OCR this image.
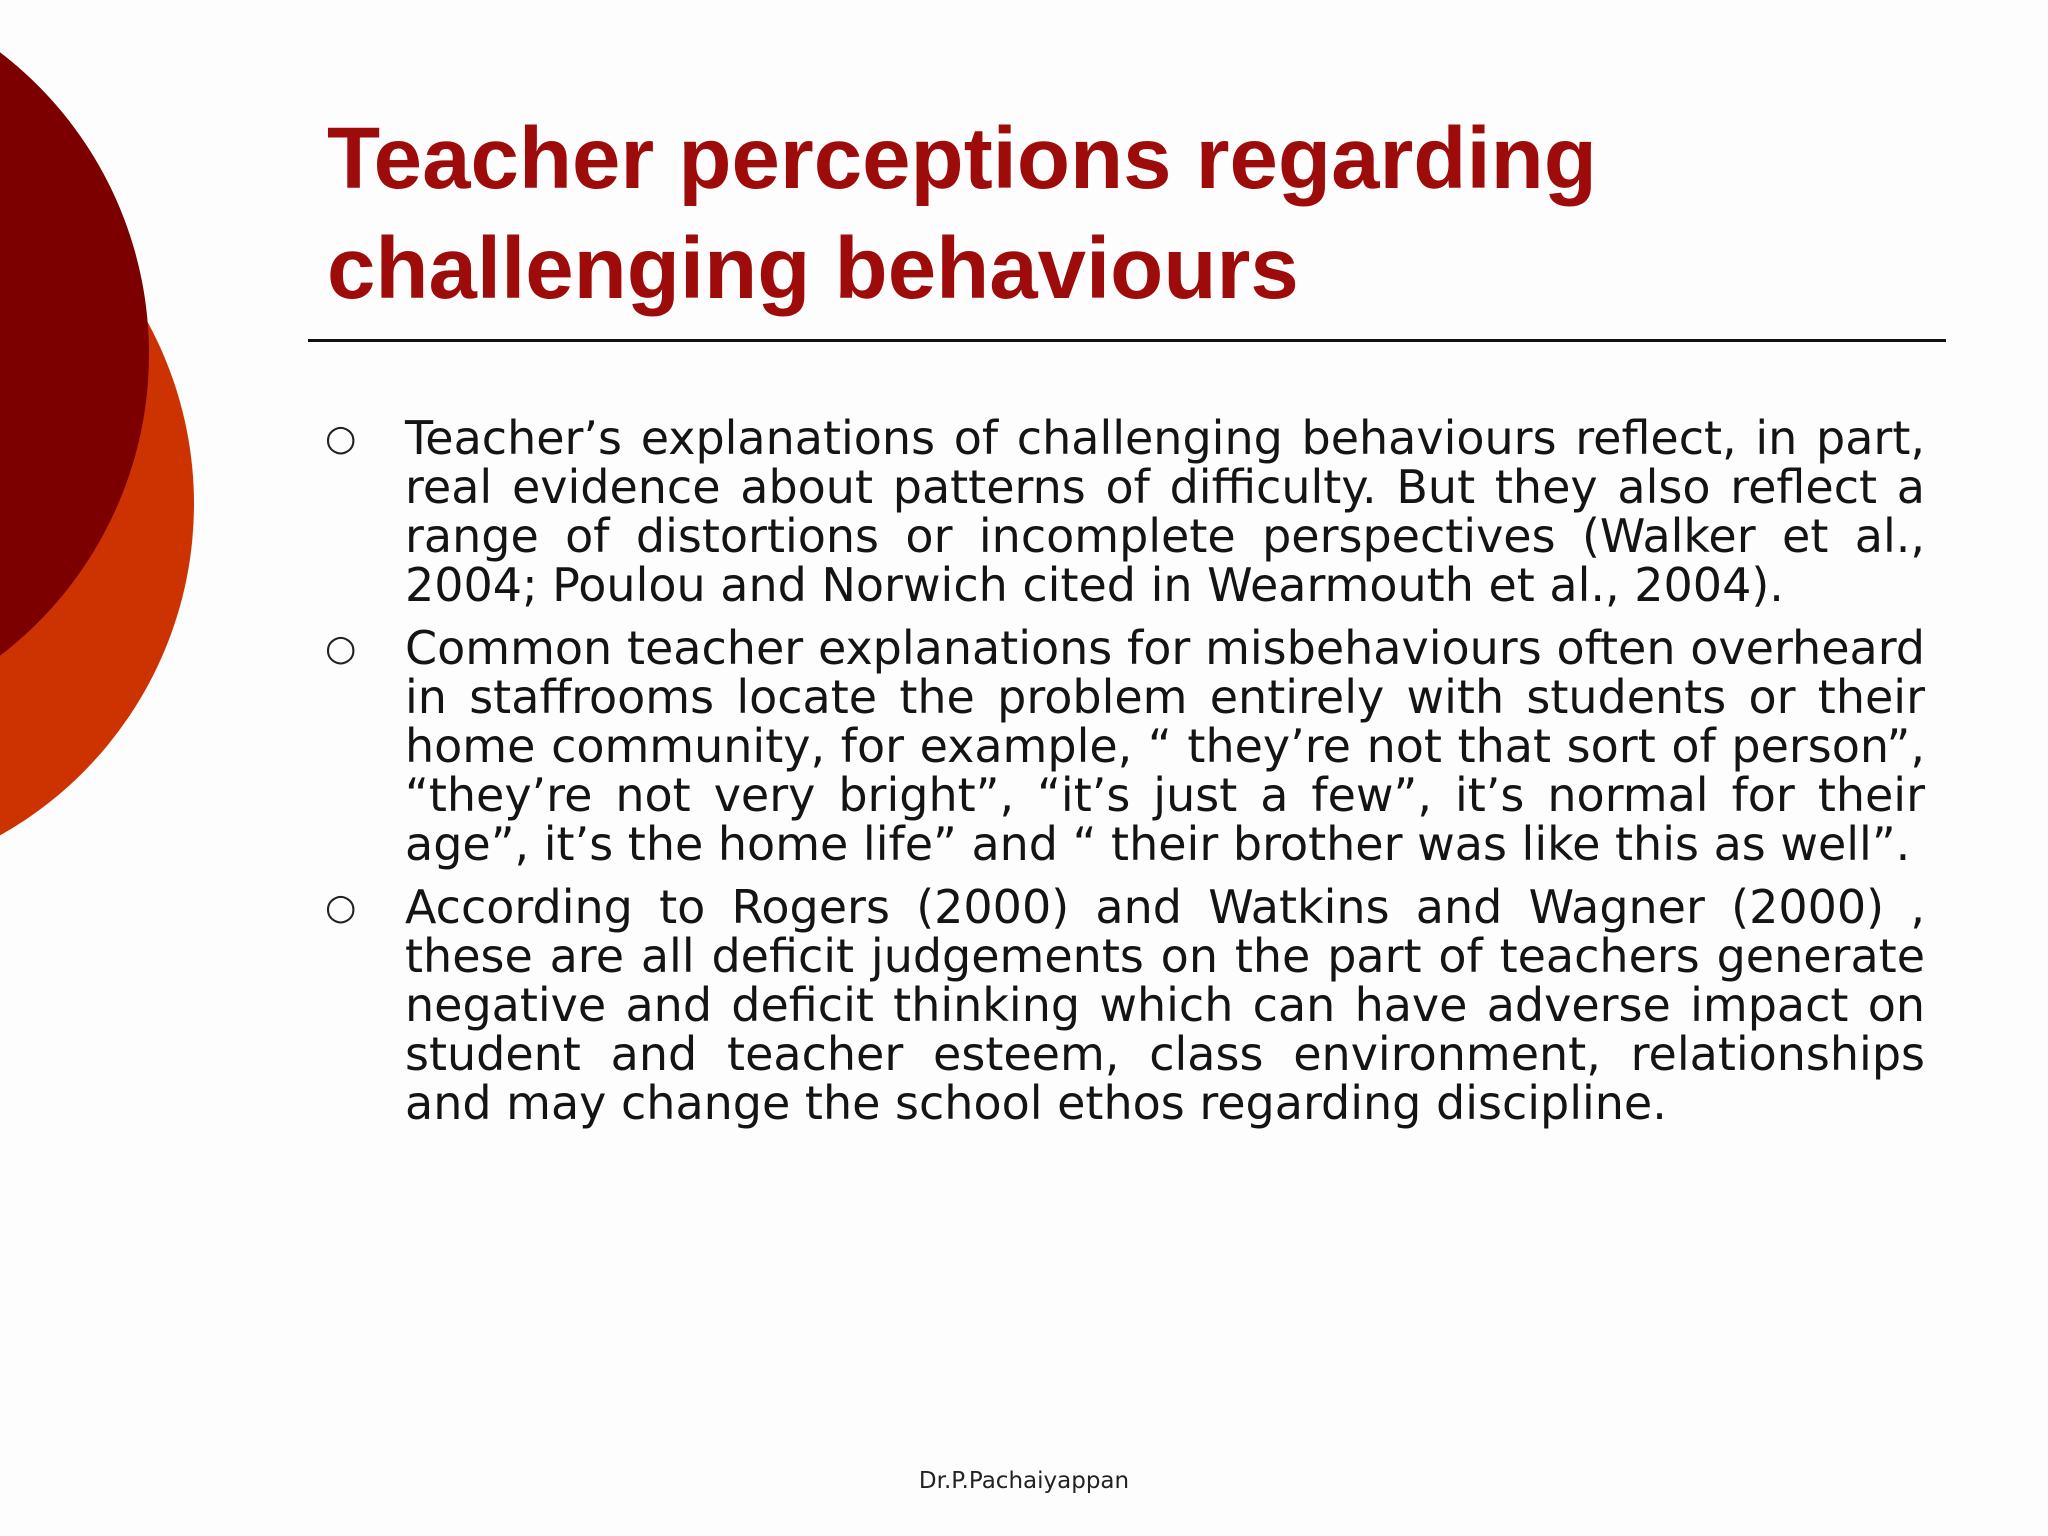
Teacher perceptions regarding
challenging behaviours
○	Teacher’s explanations of challenging behaviours reflect, in part, real evidence about patterns of difficulty. But they also reflect a range of distortions or incomplete perspectives (Walker et al., 2004; Poulou and Norwich cited in Wearmouth et al., 2004).
○	Common teacher explanations for misbehaviours often overheard in staffrooms locate the problem entirely with students or their home community, for example, “ they’re not that sort of person”, “they’re not very bright”, “it’s just a few”, it’s normal for their age”, it’s the home life” and “ their brother was like this as well”.
○	According to Rogers (2000) and Watkins and Wagner (2000) , these are all deficit judgements on the part of teachers generate negative and deficit thinking which can have adverse impact on student and teacher esteem, class environment, relationships and may change the school ethos regarding discipline.
Dr.P.Pachaiyappan
